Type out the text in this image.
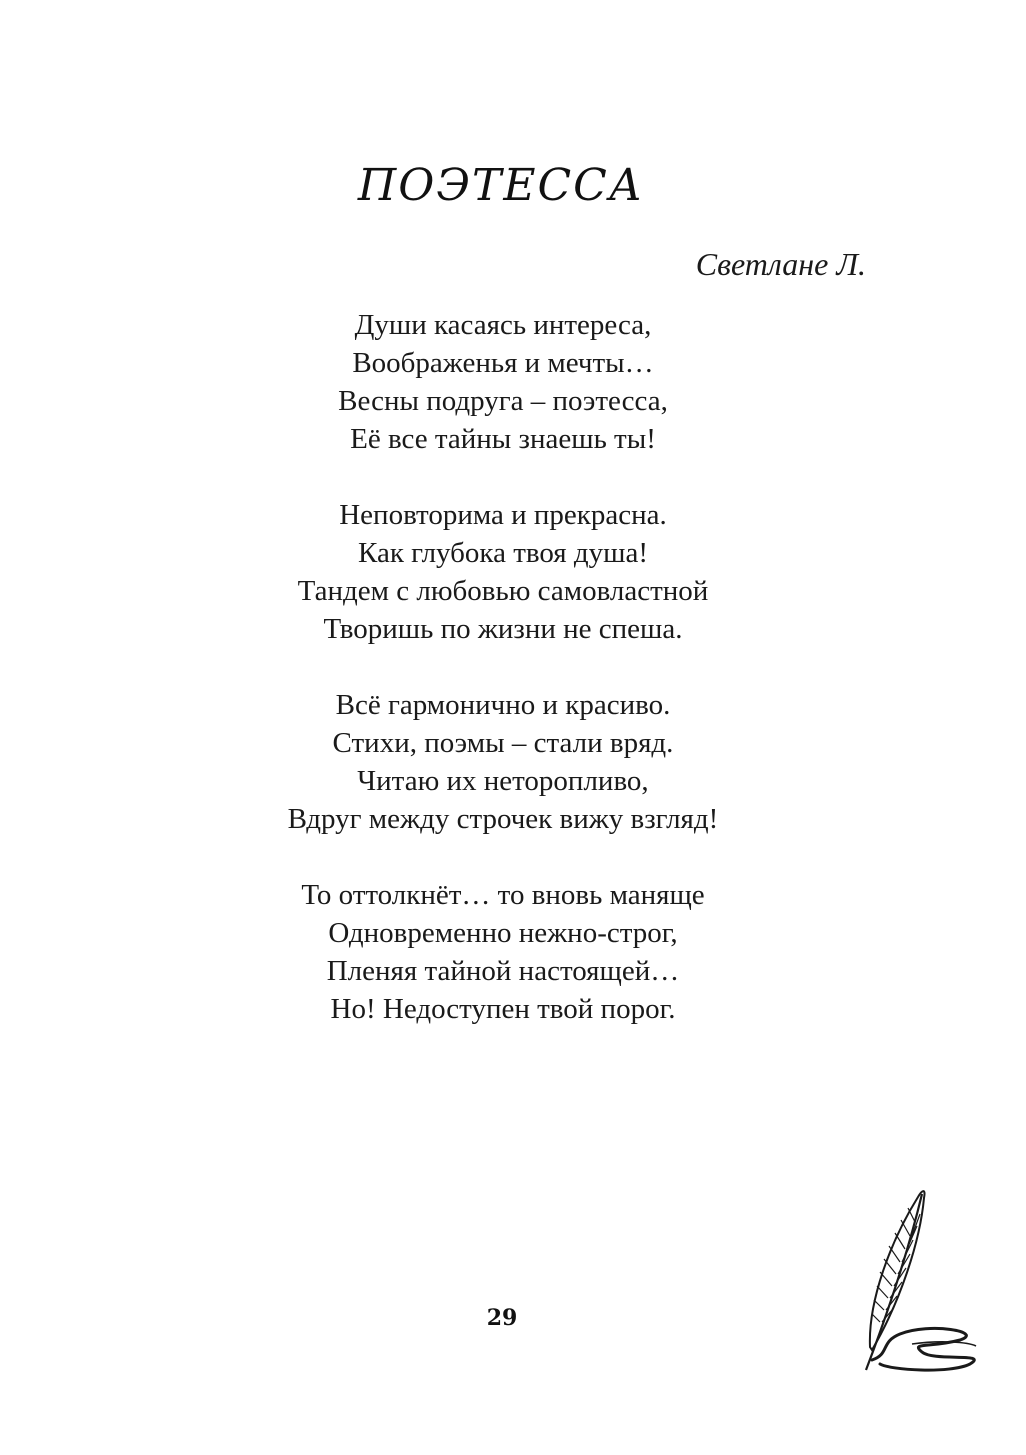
ПОЭТЕССА
Светлане Л.
Души касаясь интереса,
Воображенья и мечты…
Весны подруга – поэтесса,
Её все тайны знаешь ты!
Неповторима и прекрасна.
Как глубока твоя душа!
Тандем с любовью самовластной
Творишь по жизни не спеша.
Всё гармонично и красиво.
Стихи, поэмы – стали вряд.
Читаю их неторопливо,
Вдруг между строчек вижу взгляд!
То оттолкнёт… то вновь маняще
Одновременно нежно-строг,
Пленяя тайной настоящей…
Но! Недоступен твой порог.
29
